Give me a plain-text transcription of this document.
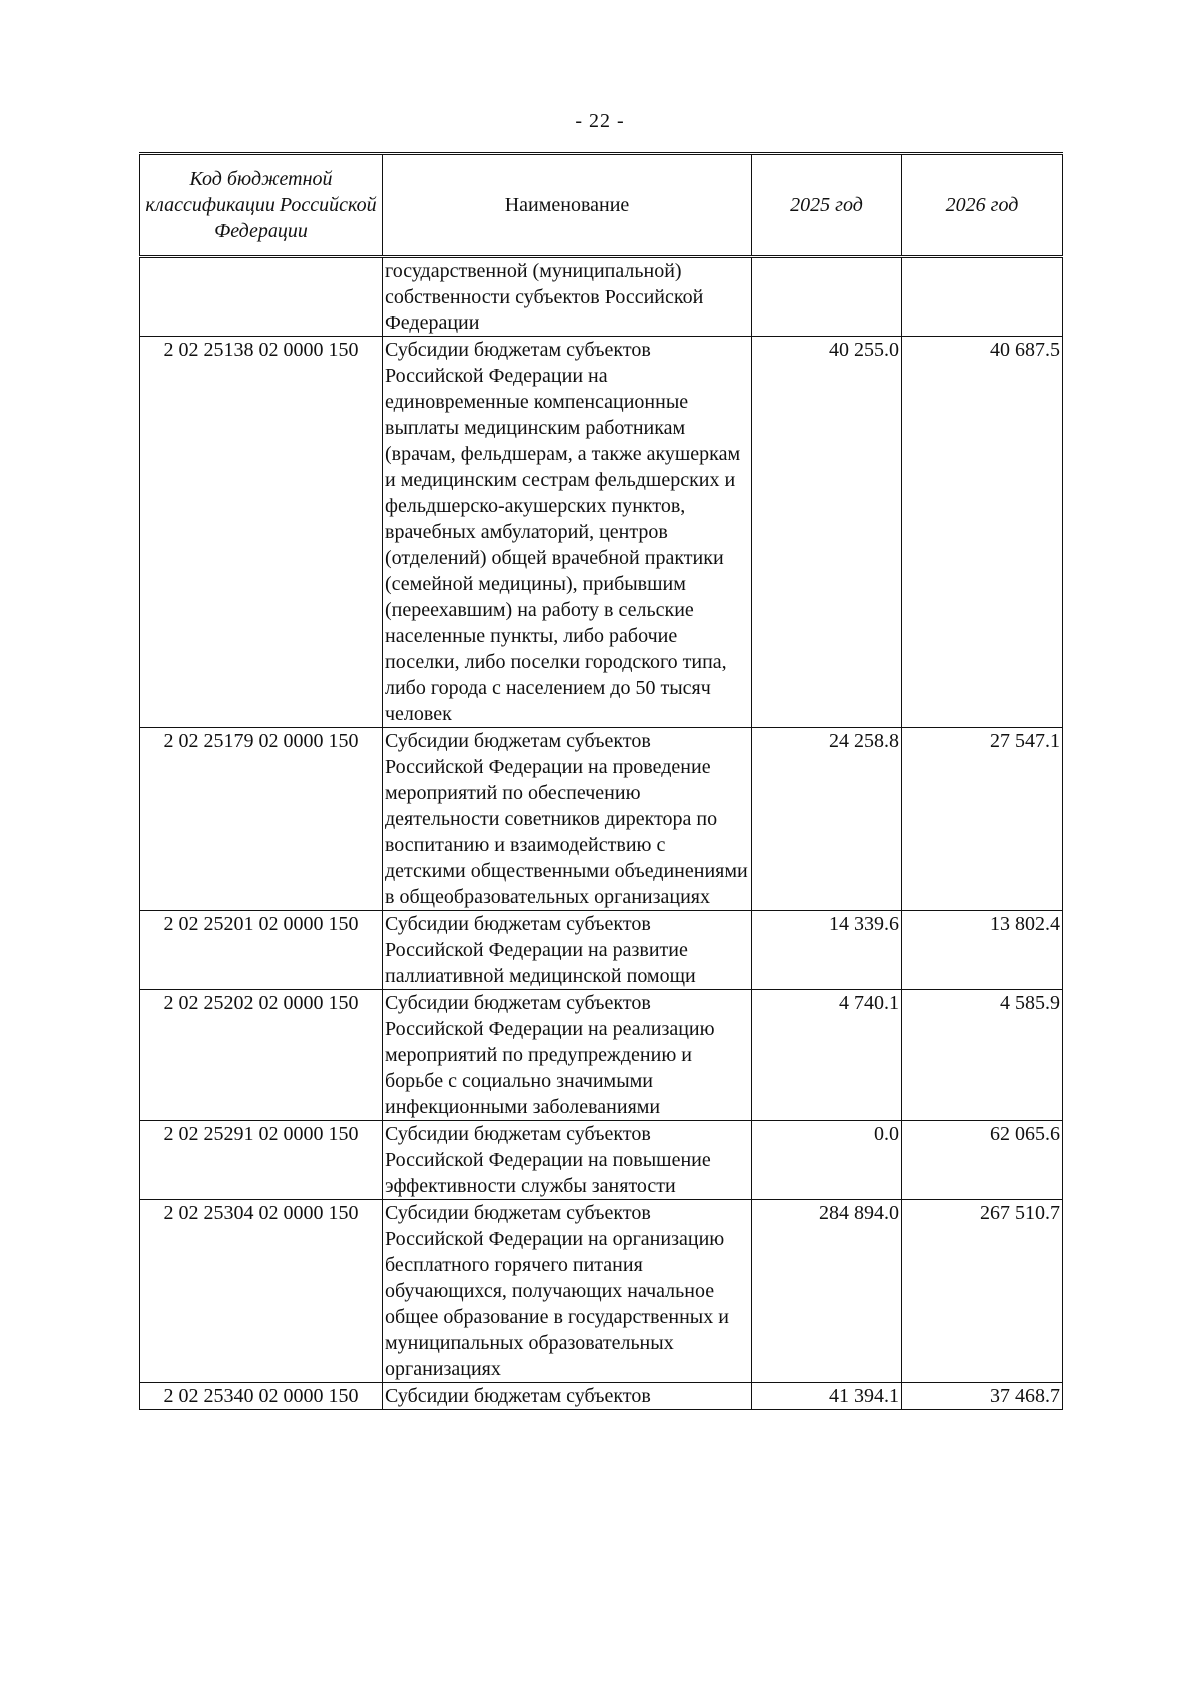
- 22 -
Код бюджетной классификации Российской Федерации	Наименование	2025 год	2026 год
	государственной (муниципальной) собственности субъектов Российской Федерации		
2 02 25138 02 0000 150	Субсидии бюджетам субъектов Российской Федерации на единовременные компенсационные выплаты медицинским работникам (врачам, фельдшерам, а также акушеркам и медицинским сестрам фельдшерских и фельдшерско-акушерских пунктов, врачебных амбулаторий, центров (отделений) общей врачебной практики (семейной медицины), прибывшим (переехавшим) на работу в сельские населенные пункты, либо рабочие поселки, либо поселки городского типа, либо города с населением до 50 тысяч человек	40 255.0	40 687.5
2 02 25179 02 0000 150	Субсидии бюджетам субъектов Российской Федерации на проведение мероприятий по обеспечению деятельности советников директора по воспитанию и взаимодействию с детскими общественными объединениями в общеобразовательных организациях	24 258.8	27 547.1
2 02 25201 02 0000 150	Субсидии бюджетам субъектов Российской Федерации на развитие паллиативной медицинской помощи	14 339.6	13 802.4
2 02 25202 02 0000 150	Субсидии бюджетам субъектов Российской Федерации на реализацию мероприятий по предупреждению и борьбе с социально значимыми инфекционными заболеваниями	4 740.1	4 585.9
2 02 25291 02 0000 150	Субсидии бюджетам субъектов Российской Федерации на повышение эффективности службы занятости	0.0	62 065.6
2 02 25304 02 0000 150	Субсидии бюджетам субъектов Российской Федерации на организацию бесплатного горячего питания обучающихся, получающих начальное общее образование в государственных и муниципальных образовательных организациях	284 894.0	267 510.7
2 02 25340 02 0000 150	Субсидии бюджетам субъектов	41 394.1	37 468.7
